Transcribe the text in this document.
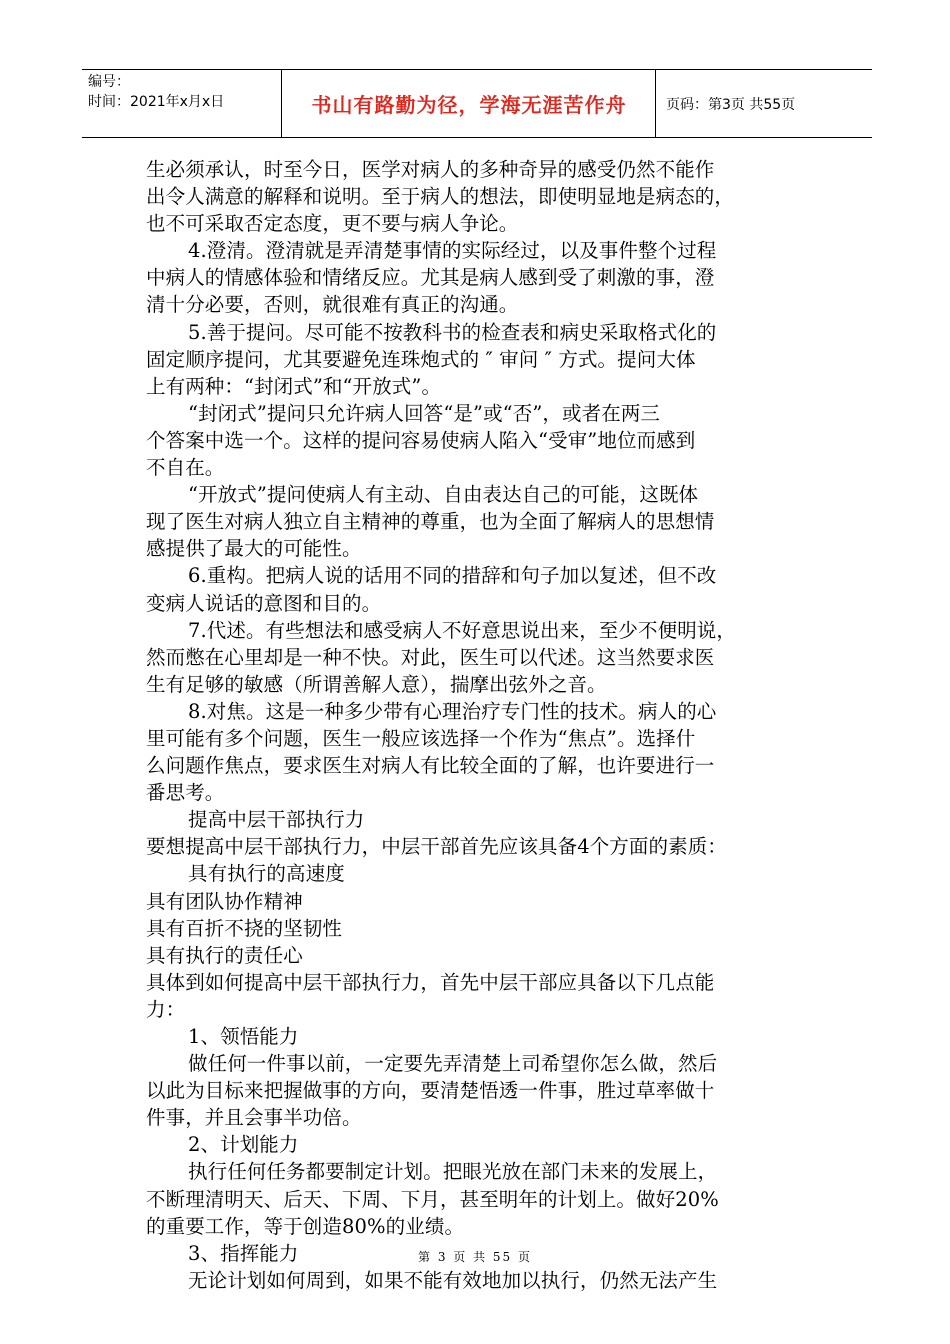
编号：
时间：2021年x月x日	书山有路勤为径，学海无涯苦作舟	页码：第3页 共55页

生必须承认，时至今日，医学对病人的多种奇异的感受仍然不能作

出令人满意的解释和说明。至于病人的想法，即使明显地是病态的，

也不可采取否定态度，更不要与病人争论。

4.澄清。澄清就是弄清楚事情的实际经过，以及事件整个过程

中病人的情感体验和情绪反应。尤其是病人感到受了刺激的事，澄

清十分必要，否则，就很难有真正的沟通。

5.善于提问。尽可能不按教科书的检查表和病史采取格式化的

固定顺序提问，尤其要避免连珠炮式的 ″ 审问 ″ 方式。提问大体

上有两种：“封闭式”和“开放式”。

“封闭式”提问只允许病人回答“是”或“否”，或者在两三

个答案中选一个。这样的提问容易使病人陷入“受审”地位而感到

不自在。

“开放式”提问使病人有主动、自由表达自己的可能，这既体

现了医生对病人独立自主精神的尊重，也为全面了解病人的思想情

感提供了最大的可能性。

6.重构。把病人说的话用不同的措辞和句子加以复述，但不改

变病人说话的意图和目的。

7.代述。有些想法和感受病人不好意思说出来，至少不便明说，

然而憋在心里却是一种不快。对此，医生可以代述。这当然要求医

生有足够的敏感（所谓善解人意），揣摩出弦外之音。

8.对焦。这是一种多少带有心理治疗专门性的技术。病人的心

里可能有多个问题，医生一般应该选择一个作为“焦点”。选择什

么问题作焦点，要求医生对病人有比较全面的了解，也许要进行一

番思考。

提高中层干部执行力

要想提高中层干部执行力，中层干部首先应该具备4个方面的素质：

具有执行的高速度

具有团队协作精神

具有百折不挠的坚韧性

具有执行的责任心

具体到如何提高中层干部执行力，首先中层干部应具备以下几点能

力：

1、领悟能力

做任何一件事以前，一定要先弄清楚上司希望你怎么做，然后

以此为目标来把握做事的方向，要清楚悟透一件事，胜过草率做十

件事，并且会事半功倍。

2、计划能力

执行任何任务都要制定计划。把眼光放在部门未来的发展上，

不断理清明天、后天、下周、下月，甚至明年的计划上。做好20%

的重要工作，等于创造80%的业绩。

3、指挥能力

无论计划如何周到，如果不能有效地加以执行，仍然无法产生

第 3 页 共 55 页
